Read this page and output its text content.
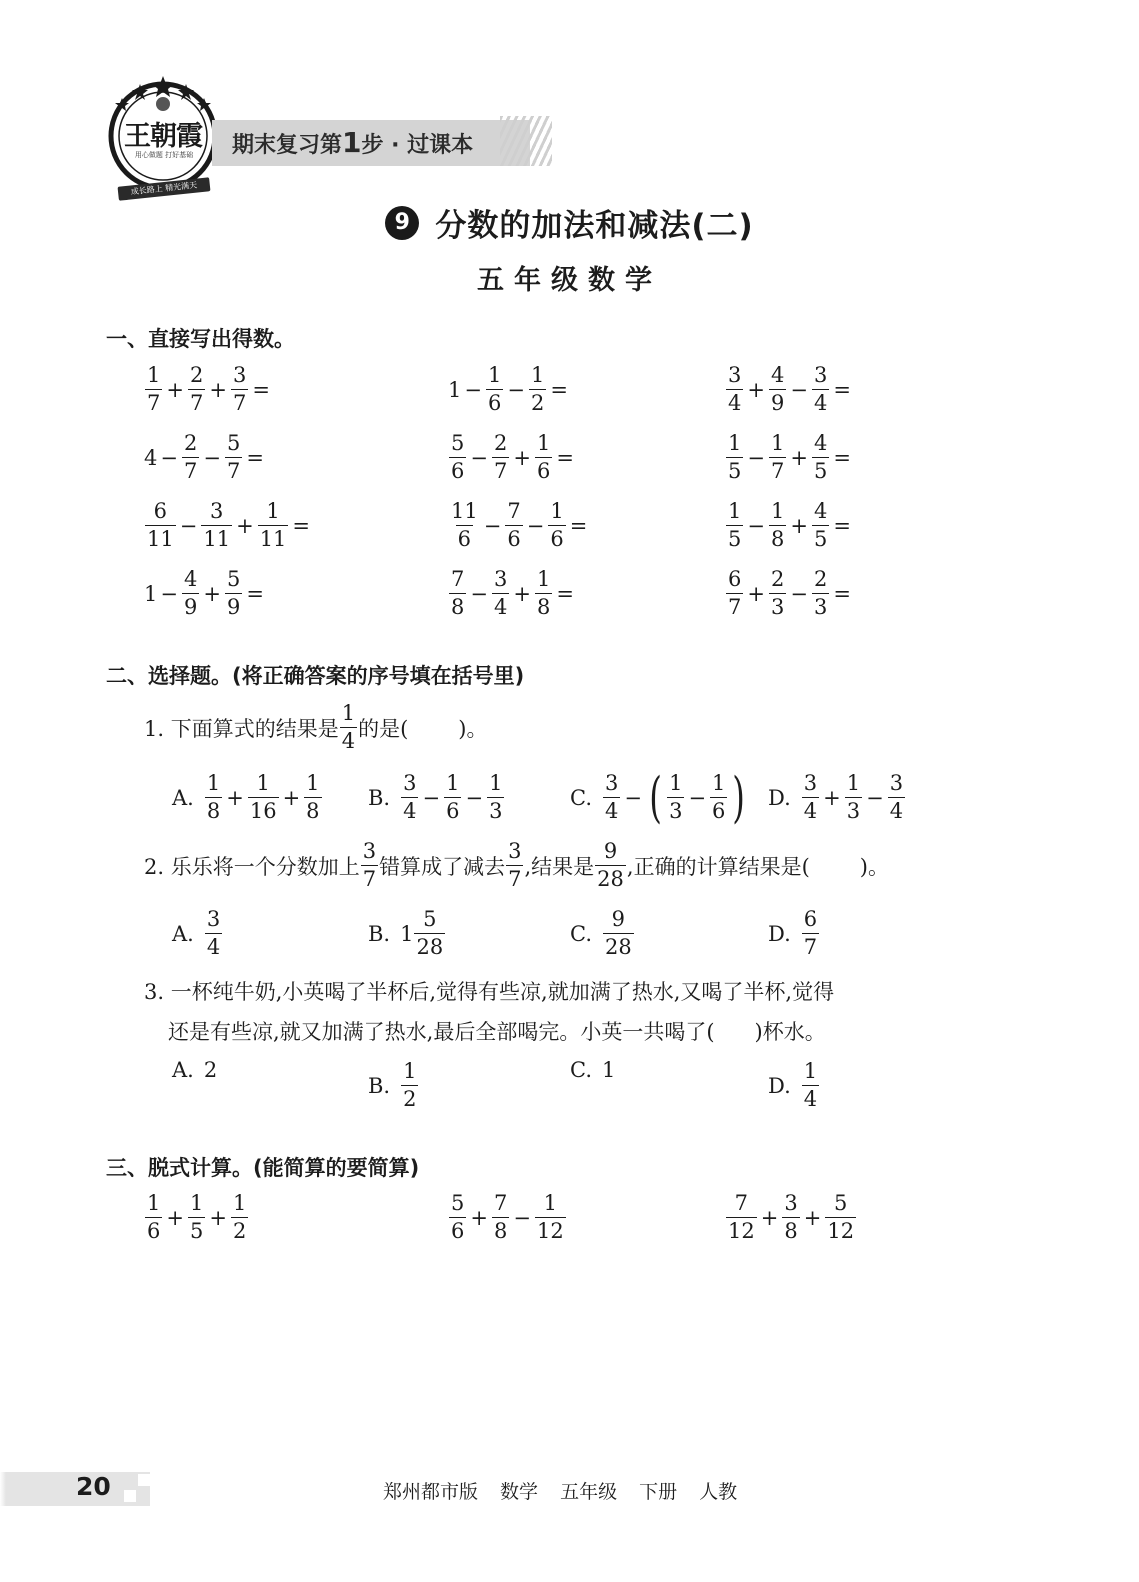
王朝霞
用心做题 打好基础
成长路上 精光满天
期末复习第1步 · 过课本
9 分数的加法和减法(二)
五年级数学
一、直接写出得数。
$\frac{1}{7} + \frac{2}{7} + \frac{3}{7}$ =	$1 - \frac{1}{6} - \frac{1}{2}$ =	$\frac{3}{4} + \frac{4}{9} - \frac{3}{4}$ =
$4 - \frac{2}{7} - \frac{5}{7}$ =	$\frac{5}{6} - \frac{2}{7} + \frac{1}{6}$ =	$\frac{1}{5} - \frac{1}{7} + \frac{4}{5}$ =
$\frac{6}{11} - \frac{3}{11} + \frac{1}{11}$ =	$\frac{11}{6} - \frac{7}{6} - \frac{1}{6}$ =	$\frac{1}{5} - \frac{1}{8} + \frac{4}{5}$ =
$1 - \frac{4}{9} + \frac{5}{9}$ =	$\frac{7}{8} - \frac{3}{4} + \frac{1}{8}$ =	$\frac{6}{7} + \frac{2}{3} - \frac{2}{3}$ =
二、选择题。(将正确答案的序号填在括号里)
1. 下面算式的结果是 $\frac{1}{4}$ 的是( )。
A. $\frac{1}{8} + \frac{1}{16} + \frac{1}{8} B$. $\frac{3}{4} - \frac{1}{6} - \frac{1}{3}$	C. $\frac{3}{4}$ − ( $\frac{1}{3} - \frac{1}{6}$ ) D. $\frac{3}{4} + \frac{1}{3} - \frac{3}{4}$
2. 乐乐将一个分数加上 $\frac{3}{7}$ 错算成了减去 $\frac{3}{7}$ ,结果是 $\frac{9}{28}$ ,正确的计算结果是( )。
A. $\frac{3}{4}$	B. $1 \frac{5}{28}$	C. $\frac{9}{28}$	D. $\frac{6}{7}$
3. 一杯纯牛奶,小英喝了半杯后,觉得有些凉,就加满了热水,又喝了半杯,觉得
还是有些凉,就又加满了热水,最后全部喝完。小英一共喝了( )杯水。
A. 2
B. $\frac{1}{2}$	C. 1
D. $\frac{1}{4}$
三、脱式计算。(能简算的要简算)
$\frac{1}{6} + \frac{1}{5} + \frac{1}{2}$	$\frac{5}{6} + \frac{7}{8} - \frac{1}{12}$	$\frac{7}{12} + \frac{3}{8} + \frac{5}{12}$
20	郑州都市版 数学 五年级 下册 人教
